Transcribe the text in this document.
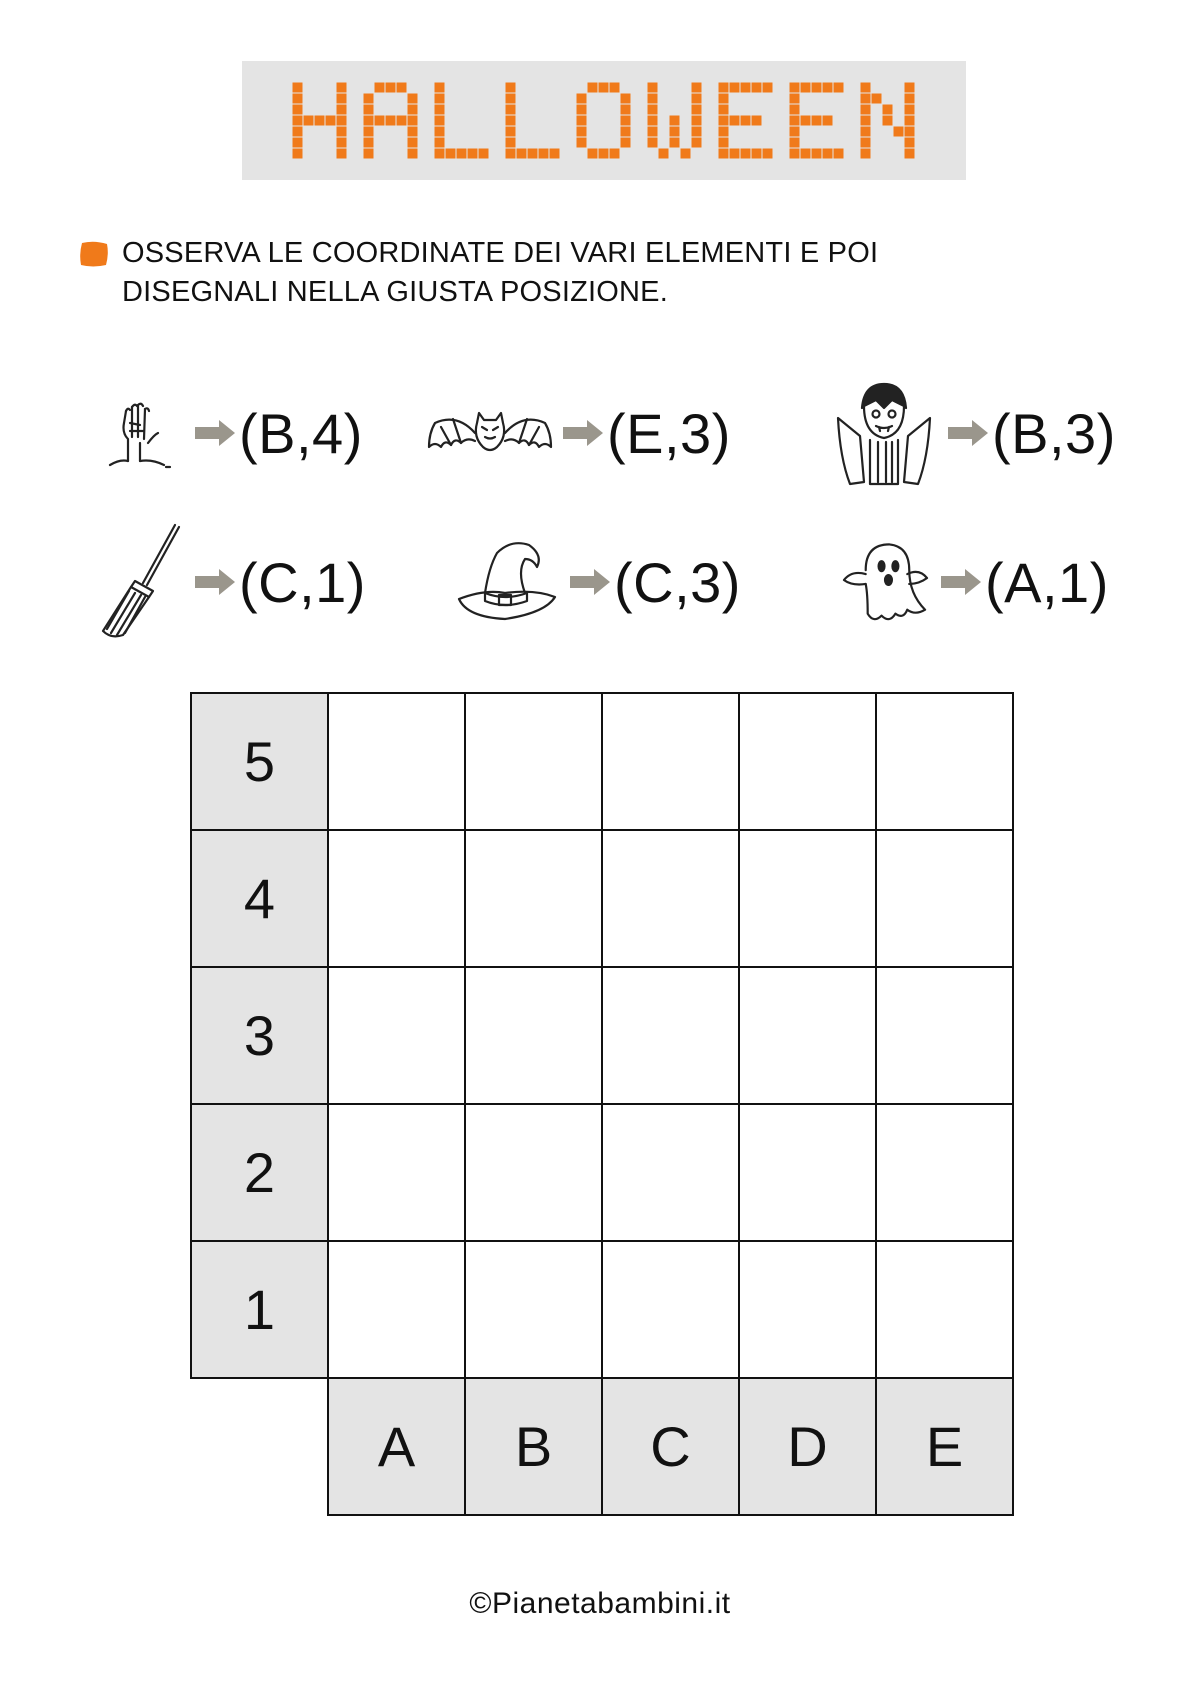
OSSERVA LE COORDINATE DEI VARI ELEMENTI E POI
DISEGNALI NELLA GIUSTA POSIZIONE.
(B,4)	(E,3)	(B,3)
(C,1)	(C,3)	(A,1)
5
4
3
2
1
A	B	C	D	E
©Pianetabambini.it
